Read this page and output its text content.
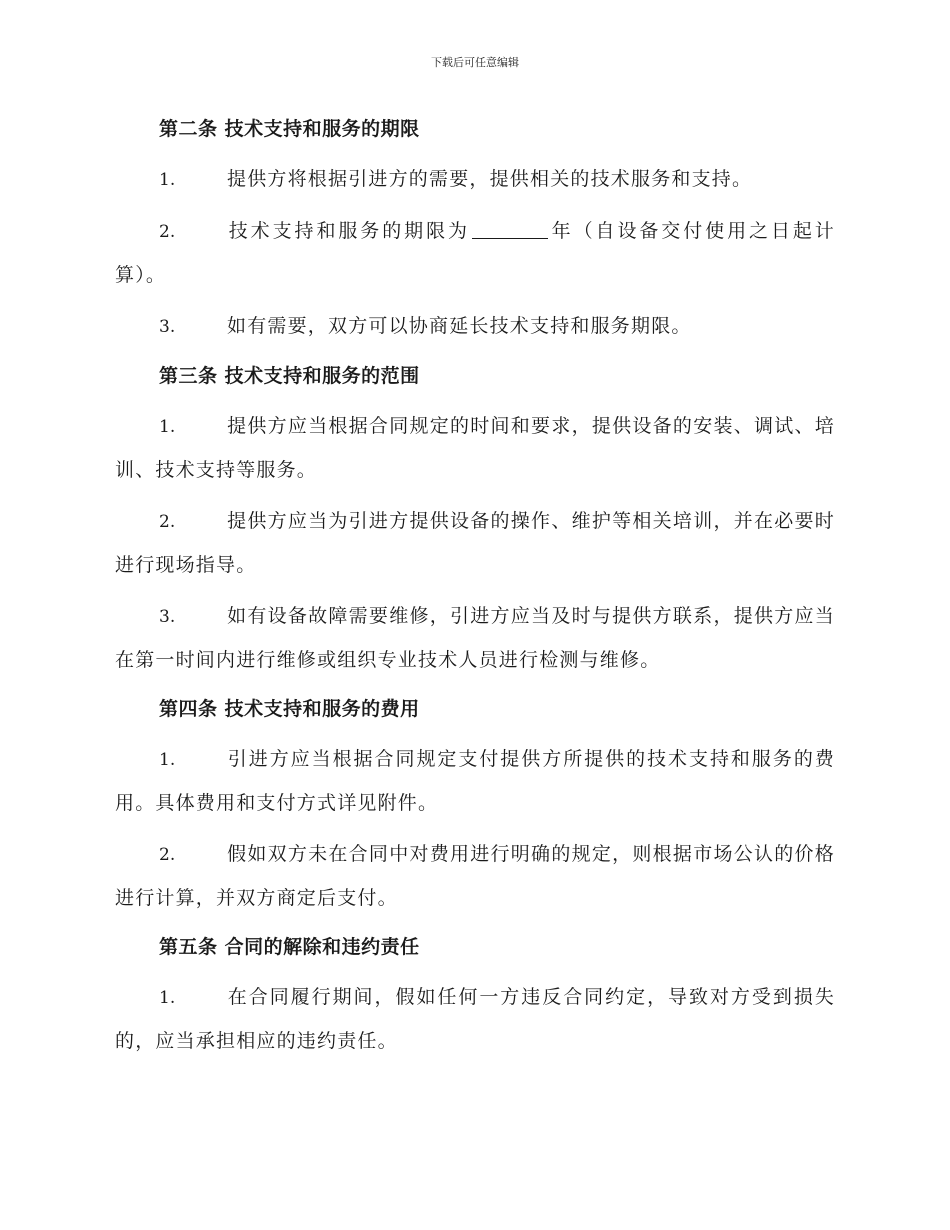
下载后可任意编辑
第二条 技术支持和服务的期限

1.	提供方将根据引进方的需要，提供相关的技术服务和支持。

2.	技术支持和服务的期限为	年（自设备交付使用之日起计算）。

3.	如有需要，双方可以协商延长技术支持和服务期限。

第三条 技术支持和服务的范围

1.	提供方应当根据合同规定的时间和要求，提供设备的安装、调试、培训、技术支持等服务。

2.	提供方应当为引进方提供设备的操作、维护等相关培训，并在必要时进行现场指导。

3.	如有设备故障需要维修，引进方应当及时与提供方联系，提供方应当在第一时间内进行维修或组织专业技术人员进行检测与维修。

第四条 技术支持和服务的费用

1.	引进方应当根据合同规定支付提供方所提供的技术支持和服务的费用。具体费用和支付方式详见附件。

2.	假如双方未在合同中对费用进行明确的规定，则根据市场公认的价格进行计算，并双方商定后支付。

第五条 合同的解除和违约责任

1.	在合同履行期间，假如任何一方违反合同约定，导致对方受到损失的，应当承担相应的违约责任。
